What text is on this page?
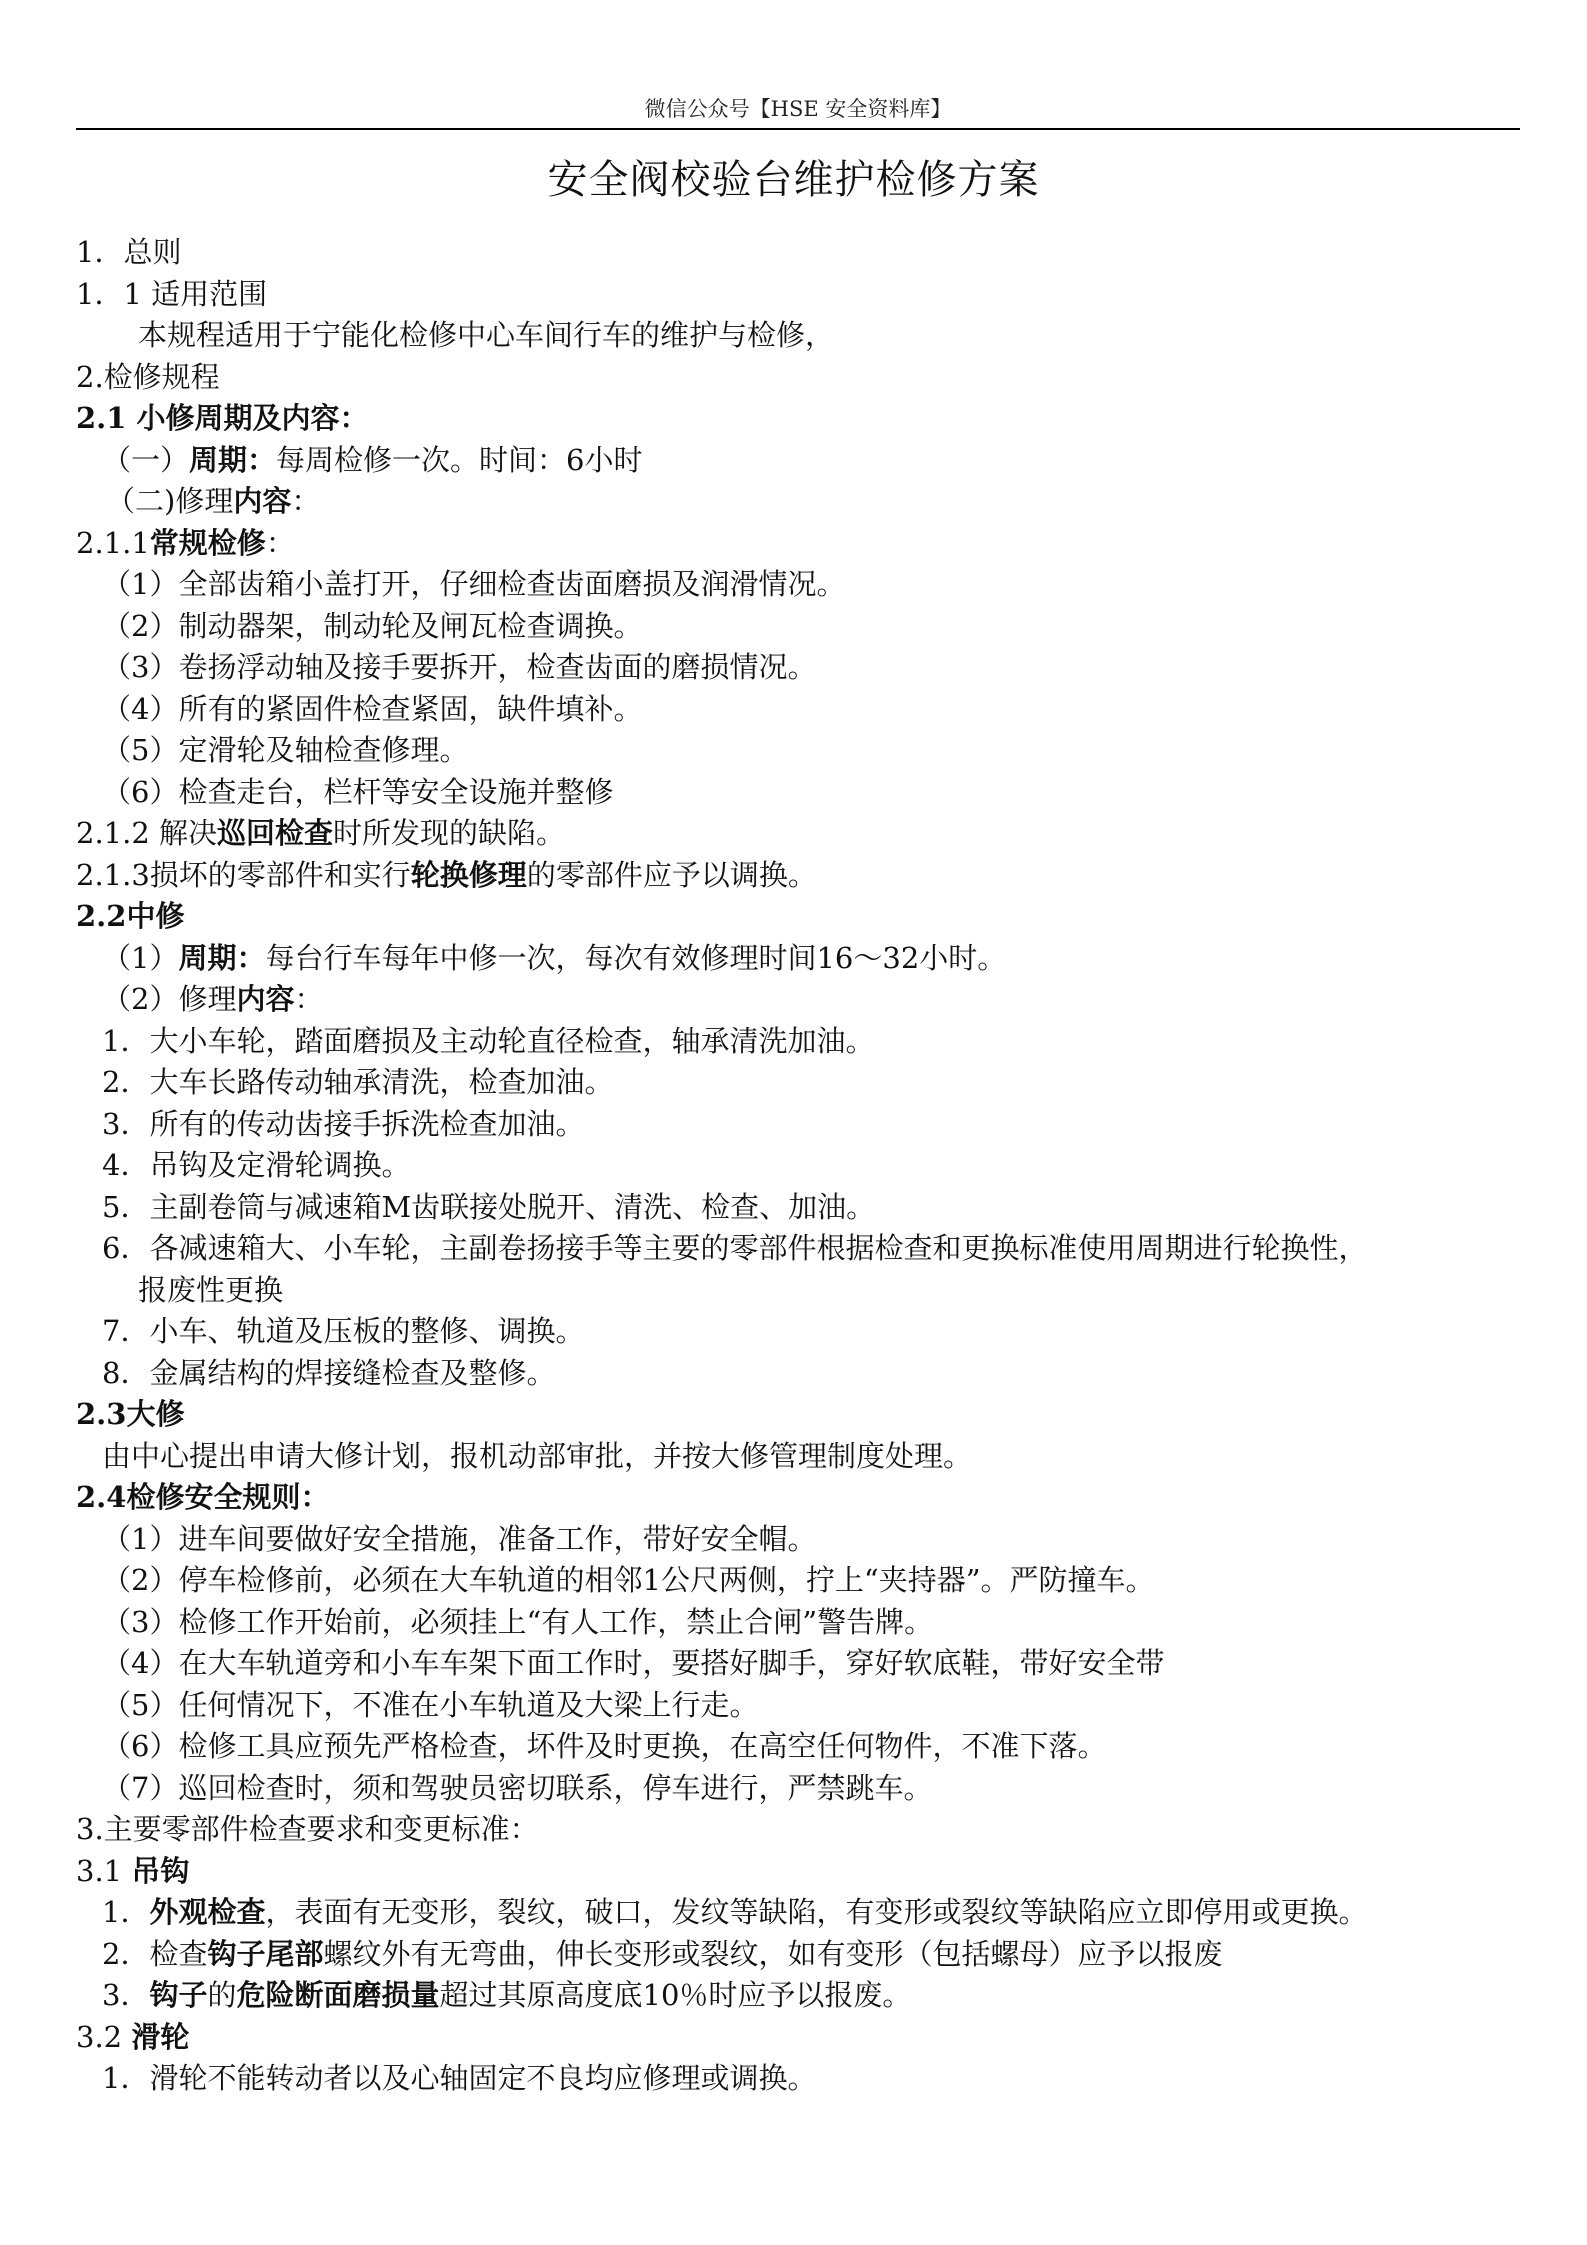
微信公众号【HSE 安全资料库】
安全阀校验台维护检修方案
1．总则
1．1 适用范围
本规程适用于宁能化检修中心车间行车的维护与检修，
2.检修规程
2.1 小修周期及内容：
（一）周期：每周检修一次。时间：6小时
（二)修理内容：
2.1.1常规检修：
（1）全部齿箱小盖打开，仔细检查齿面磨损及润滑情况。
（2）制动器架，制动轮及闸瓦检查调换。
（3）卷扬浮动轴及接手要拆开，检查齿面的磨损情况。
（4）所有的紧固件检查紧固，缺件填补。
（5）定滑轮及轴检查修理。
（6）检查走台，栏杆等安全设施并整修
2.1.2 解决巡回检查时所发现的缺陷。
2.1.3损坏的零部件和实行轮换修理的零部件应予以调换。
2.2中修
（1）周期：每台行车每年中修一次，每次有效修理时间16～32小时。
（2）修理内容：
1．大小车轮，踏面磨损及主动轮直径检查，轴承清洗加油。
2．大车长路传动轴承清洗，检查加油。
3．所有的传动齿接手拆洗检查加油。
4．吊钩及定滑轮调换。
5．主副卷筒与减速箱M齿联接处脱开、清洗、检查、加油。
6．各减速箱大、小车轮，主副卷扬接手等主要的零部件根据检查和更换标准使用周期进行轮换性，
报废性更换
7．小车、轨道及压板的整修、调换。
8．金属结构的焊接缝检查及整修。
2.3大修
由中心提出申请大修计划，报机动部审批，并按大修管理制度处理。
2.4检修安全规则：
（1）进车间要做好安全措施，准备工作，带好安全帽。
（2）停车检修前，必须在大车轨道的相邻1公尺两侧，拧上“夹持器”。严防撞车。
（3）检修工作开始前，必须挂上“有人工作，禁止合闸”警告牌。
（4）在大车轨道旁和小车车架下面工作时，要搭好脚手，穿好软底鞋，带好安全带
（5）任何情况下，不准在小车轨道及大梁上行走。
（6）检修工具应预先严格检查，坏件及时更换，在高空任何物件，不准下落。
（7）巡回检查时，须和驾驶员密切联系，停车进行，严禁跳车。
3.主要零部件检查要求和变更标准：
3.1 吊钩
1．外观检查，表面有无变形，裂纹，破口，发纹等缺陷，有变形或裂纹等缺陷应立即停用或更换。
2．检查钩子尾部螺纹外有无弯曲，伸长变形或裂纹，如有变形（包括螺母）应予以报废
3．钩子的危险断面磨损量超过其原高度底10％时应予以报废。
3.2 滑轮
1．滑轮不能转动者以及心轴固定不良均应修理或调换。
